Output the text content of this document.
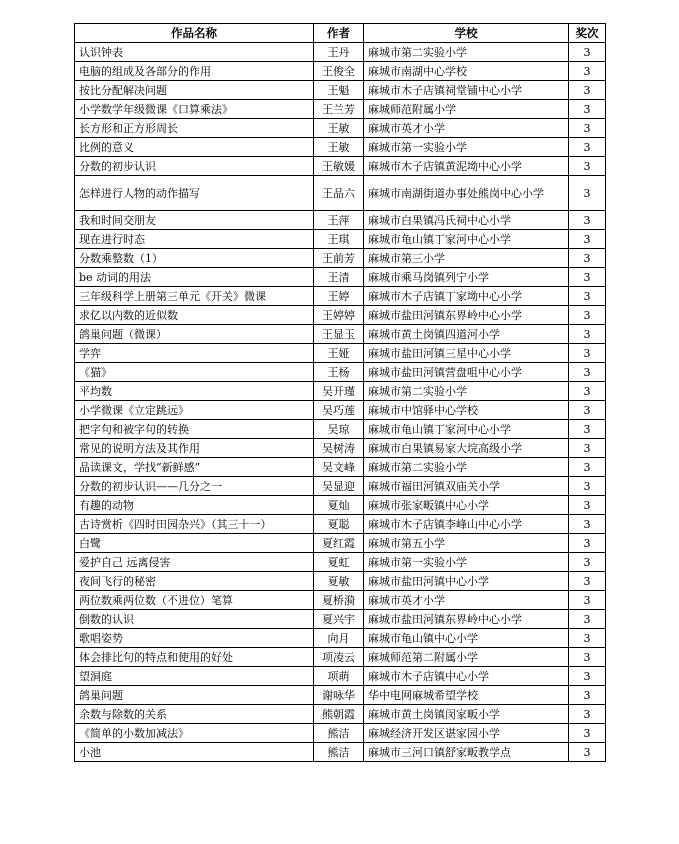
作品名称	作者	学校	奖次
认识钟表	王丹	麻城市第二实验小学	3
电脑的组成及各部分的作用	王俊全	麻城市南湖中心学校	3
按比分配解决问题	王魁	麻城市木子店镇祠堂铺中心小学	3
小学数学年级微课《口算乘法》	王兰芳	麻城师范附属小学	3
长方形和正方形周长	王敏	麻城市英才小学	3
比例的意义	王敏	麻城市第一实验小学	3
分数的初步认识	王敏媛	麻城市木子店镇黄泥坳中心小学	3
怎样进行人物的动作描写	王品六	麻城市南湖街道办事处熊岗中心小学	3
我和时间交朋友	王萍	麻城市白果镇冯氏祠中心小学	3
现在进行时态	王琪	麻城市龟山镇丁家河中心小学	3
分数乘整数（1）	王前芳	麻城市第三小学	3
be 动词的用法	王清	麻城市乘马岗镇列宁小学	3
三年级科学上册第三单元《开关》微课	王婷	麻城市木子店镇丁家坳中心小学	3
求亿以内数的近似数	王婷婷	麻城市盐田河镇东界岭中心小学	3
鸽巢问题（微课）	王显玉	麻城市黄土岗镇四道河小学	3
学弈	王娅	麻城市盐田河镇三星中心小学	3
《猫》	王杨	麻城市盐田河镇营盘咀中心小学	3
平均数	吴开瑾	麻城市第二实验小学	3
小学微课《立定跳远》	吴巧莲	麻城市中馆驿中心学校	3
把字句和被字句的转换	吴琼	麻城市龟山镇丁家河中心小学	3
常见的说明方法及其作用	吴树涛	麻城市白果镇易家大垸高级小学	3
品读课文，学找“新鲜感”	吴文峰	麻城市第二实验小学	3
分数的初步认识——几分之一	吴显迎	麻城市福田河镇双庙关小学	3
有趣的动物	夏灿	麻城市张家畈镇中心小学	3
古诗赏析《四时田园杂兴》（其三十一）	夏聪	麻城市木子店镇李峰山中心小学	3
白鹭	夏红霞	麻城市第五小学	3
爱护自己 远离侵害	夏虹	麻城市第一实验小学	3
夜间飞行的秘密	夏敏	麻城市盐田河镇中心小学	3
两位数乘两位数（不进位）笔算	夏桥漪	麻城市英才小学	3
倒数的认识	夏兴宇	麻城市盐田河镇东界岭中心小学	3
歌唱姿势	向月	麻城市龟山镇中心小学	3
体会排比句的特点和使用的好处	项凌云	麻城师范第二附属小学	3
望洞庭	项萌	麻城市木子店镇中心小学	3
鸽巢问题	谢咏华	华中电网麻城希望学校	3
余数与除数的关系	熊朝霞	麻城市黄土岗镇闵家畈小学	3
《简单的小数加减法》	熊洁	麻城经济开发区谌家园小学	3
小池	熊洁	麻城市三河口镇舒家畈教学点	3
